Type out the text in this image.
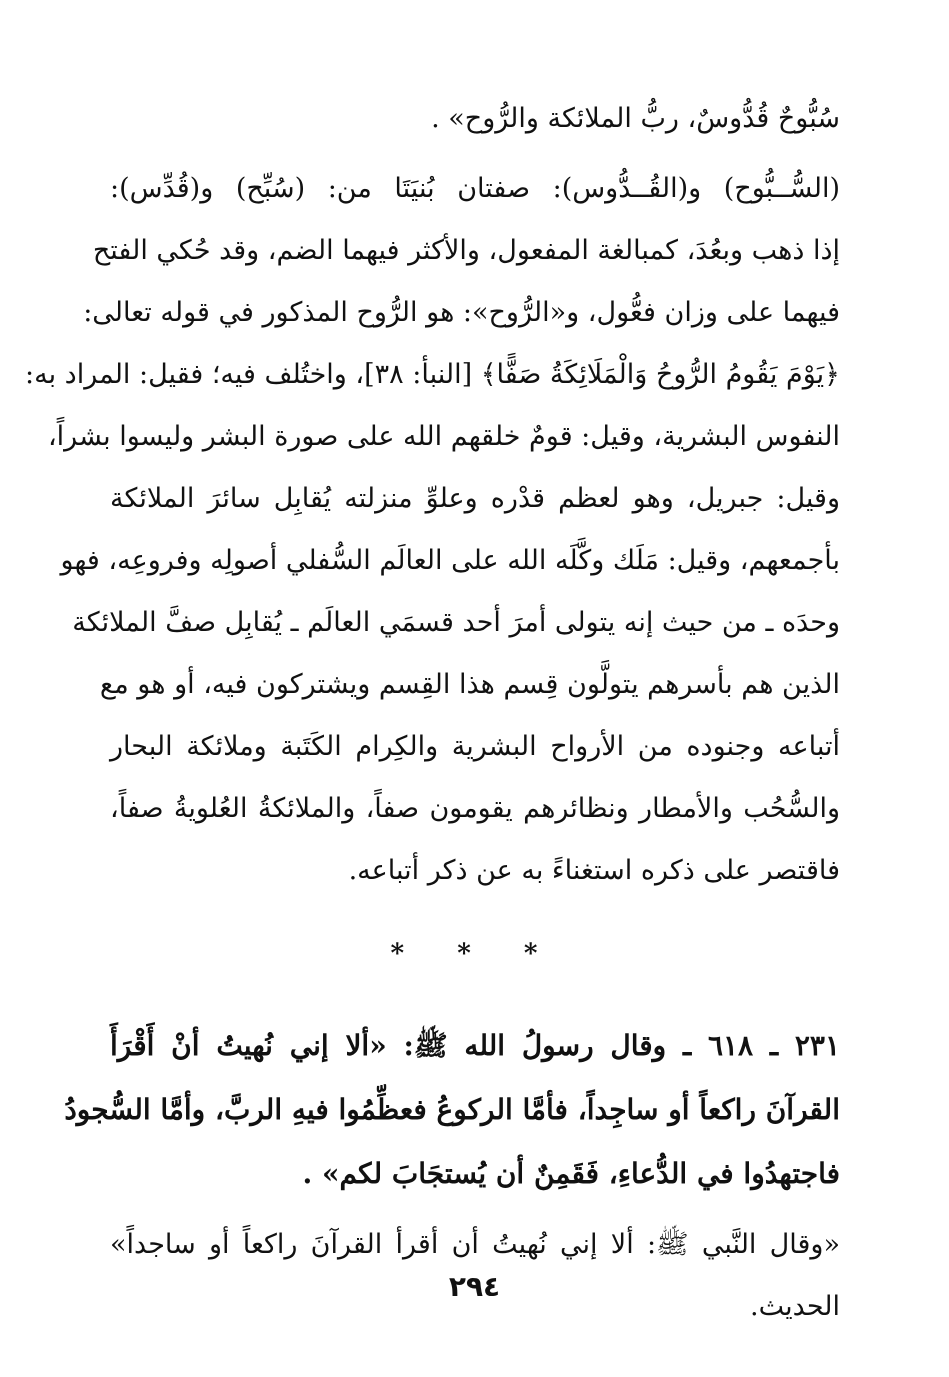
سُبُّوحٌ قُدُّوسٌ، ربُّ الملائكة والرُّوح» .
(السُّــبُّوح) و(القُــدُّوس): صفتان بُنيَتَا من: (سُبِّح) و(قُدِّس):
إذا ذهب وبعُدَ، كمبالغة المفعول، والأكثر فيهما الضم، وقد حُكي الفتح
فيهما على وزان فعُّول، و«الرُّوح»: هو الرُّوح المذكور في قوله تعالى:
﴿يَوْمَ يَقُومُ الرُّوحُ وَالْمَلَائِكَةُ صَفًّا﴾ [النبأ: ٣٨]، واختُلف فيه؛ فقيل: المراد به:
النفوس البشرية، وقيل: قومٌ خلقهم الله على صورة البشر وليسوا بشراً،
وقيل: جبريل، وهو لعظم قدْره وعلوِّ منزلته يُقابِل سائرَ الملائكة
بأجمعهم، وقيل: مَلَك وكَّلَه الله على العالَم السُّفلي أصولِه وفروعِه، فهو
وحدَه ـ من حيث إنه يتولى أمرَ أحد قسمَي العالَم ـ يُقابِل صفَّ الملائكة
الذين هم بأسرهم يتولَّون قِسم هذا القِسم ويشتركون فيه، أو هو مع
أتباعه وجنوده من الأرواح البشرية والكِرام الكَتَبة وملائكة البحار
والسُّحُب والأمطار ونظائرهم يقومون صفاً، والملائكةُ العُلويةُ صفاً،
فاقتصر على ذكره استغناءً به عن ذكر أتباعه.
* * *
٢٣١ ـ ٦١٨ ـ وقال رسولُ الله ﷺ: «ألا إني نُهيتُ أنْ أَقْرَأَ
القرآنَ راكعاً أو ساجِداً، فأمَّا الركوعُ فعظِّمُوا فيهِ الربَّ، وأمَّا السُّجودُ
فاجتهدُوا في الدُّعاءِ، فَقَمِنٌ أن يُستجَابَ لكم» .
«وقال النَّبي ﷺ: ألا إني نُهيتُ أن أقرأ القرآنَ راكعاً أو ساجداً»
الحديث.
٢٩٤
